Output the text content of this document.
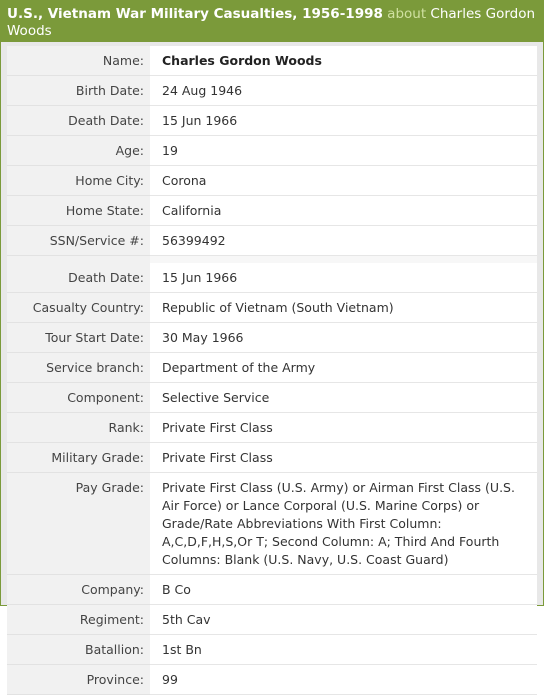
U.S., Vietnam War Military Casualties, 1956-1998 about Charles Gordon Woods
Name:	Charles Gordon Woods
Birth Date:	24 Aug 1946
Death Date:	15 Jun 1966
Age:	19
Home City:	Corona
Home State:	California
SSN/Service #:	56399492

Death Date:	15 Jun 1966
Casualty Country:	Republic of Vietnam (South Vietnam)
Tour Start Date:	30 May 1966
Service branch:	Department of the Army
Component:	Selective Service
Rank:	Private First Class
Military Grade:	Private First Class
Pay Grade:	Private First Class (U.S. Army) or Airman First Class (U.S. Air Force) or Lance Corporal (U.S. Marine Corps) or Grade/Rate Abbreviations With First Column: A,C,D,F,H,S,Or T; Second Column: A; Third And Fourth Columns: Blank (U.S. Navy, U.S. Coast Guard)
Company:	B Co
Regiment:	5th Cav
Batallion:	1st Bn
Province:	99
